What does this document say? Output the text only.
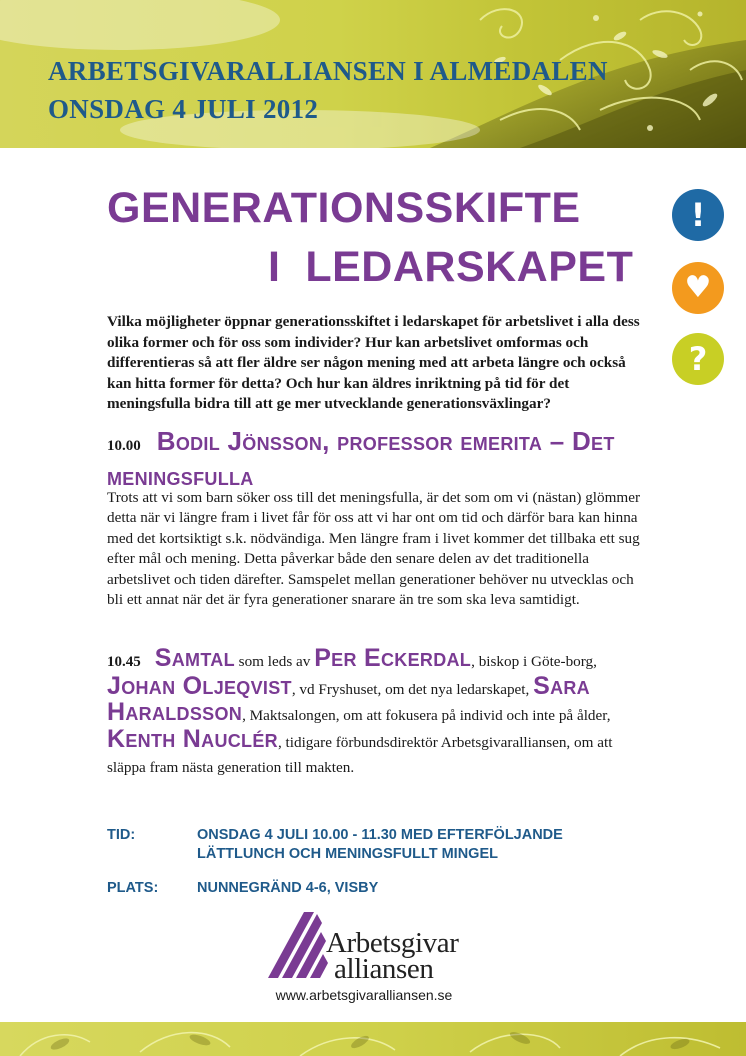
ARBETSGIVARALLIANSEN I ALMEDALEN
ONSDAG 4 JULI 2012
GENERATIONSSKIFTE
I  LEDARSKAPET
!
♥
?

Vilka möjligheter öppnar generationsskiftet i ledarskapet för arbetslivet i alla dess olika former och för oss som individer? Hur kan arbetslivet omformas och differentieras så att fler äldre ser någon mening med att arbeta längre och också kan hitta former för detta? Och hur kan äldres inriktning på tid för det meningsfulla bidra till att ge mer utvecklande generationsväxlingar?

10.00 Bodil Jönsson, professor emerita – Det meningsfulla

Trots att vi som barn söker oss till det meningsfulla, är det som om vi (nästan) glömmer detta när vi längre fram i livet får för oss att vi har ont om tid och därför bara kan hinna med det kortsiktigt s.k. nödvändiga. Men längre fram i livet kommer det tillbaka ett sug efter mål och mening. Detta påverkar både den senare delen av det traditionella arbetslivet och tiden därefter. Samspelet mellan generationer behöver nu utvecklas och bli ett annat när det är fyra generationer snarare än tre som ska leva samtidigt.

10.45 Samtal som leds av Per Eckerdal, biskop i Göte-borg, Johan Oljeqvist, vd Fryshuset, om det nya ledarskapet, Sara Haraldsson, Maktsalongen, om att fokusera på individ och inte på ålder, Kenth Nauclér, tidigare förbundsdirektör Arbetsgivaralliansen, om att släppa fram nästa generation till makten.

TID:	ONSDAG 4 JULI 10.00 - 11.30 MED EFTERFÖLJANDE
LÄTTLUNCH OCH MENINGSFULLT MINGEL
PLATS:	NUNNEGRÄND 4-6, VISBY
Arbetsgivar
alliansen
www.arbetsgivaralliansen.se
